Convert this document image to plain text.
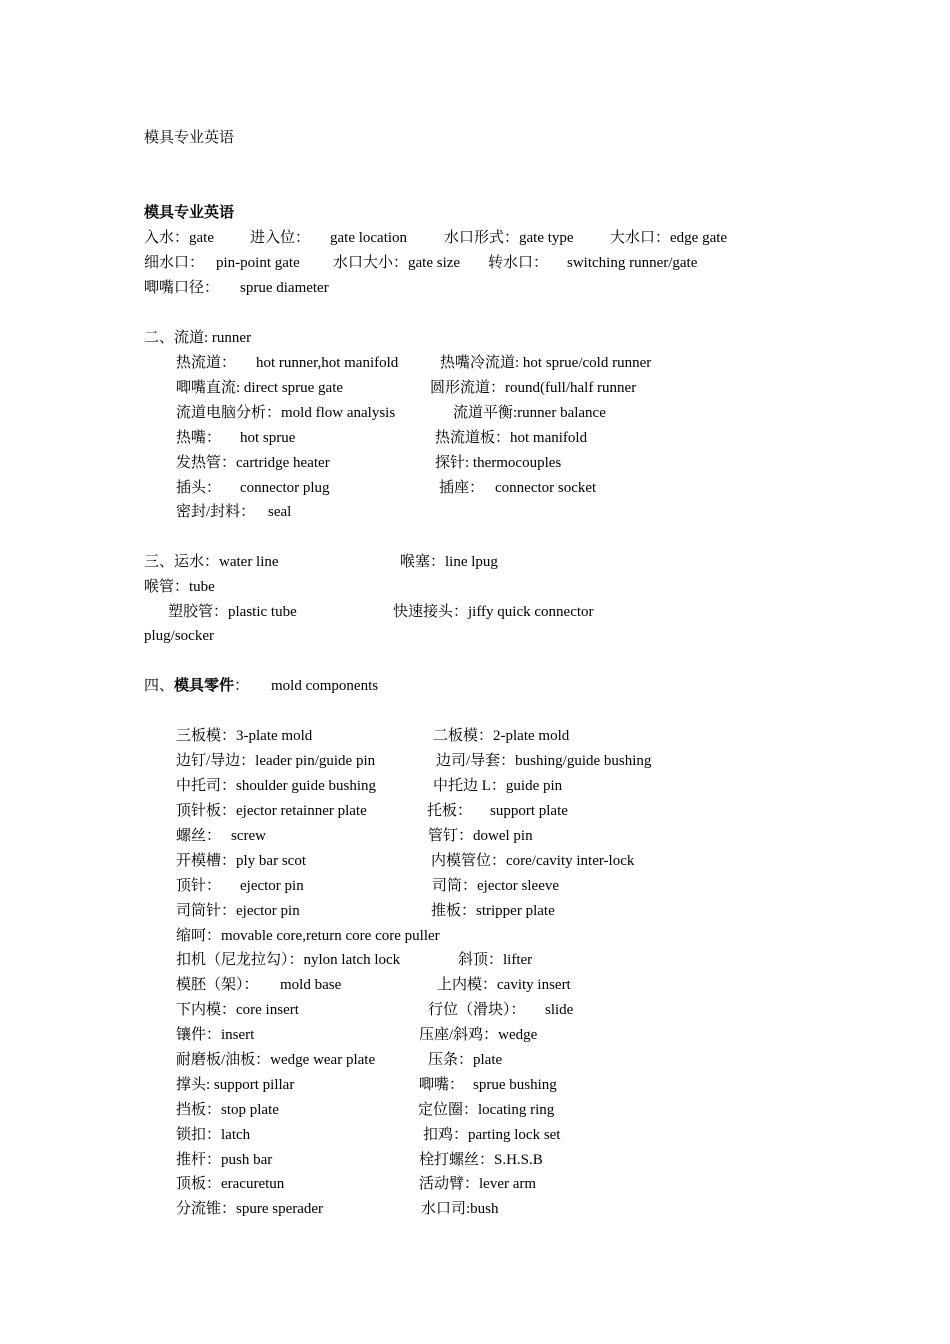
模具专业英语
模具专业英语
入水：gate 进入位： gate location 水口形式：gate type 大水口：edge gate
细水口： pin-point gate 水口大小：gate size 转水口： switching runner/gate
唧嘴口径： sprue diameter
二、流道: runner
热流道： hot runner,hot manifold	热嘴冷流道: hot sprue/cold runner
唧嘴直流: direct sprue gate	圆形流道：round(full/half runner
流道电脑分析：mold flow analysis	流道平衡:runner balance
热嘴： hot sprue	热流道板：hot manifold
发热管：cartridge heater	探针: thermocouples
插头： connector plug	插座： connector socket
密封/封料： seal
三、运水：water line	喉塞：line lpug
喉管：tube
塑胶管：plastic tube	快速接头：jiffy quick connector
plug/socker
四、模具零件： mold components
三板模：3-plate mold	二板模：2-plate mold
边钉/导边：leader pin/guide pin	边司/导套：bushing/guide bushing
中托司：shoulder guide bushing	中托边 L：guide pin
顶针板：ejector retainner plate	托板： support plate
螺丝： screw	管钉：dowel pin
开模槽：ply bar scot	内模管位：core/cavity inter-lock
顶针： ejector pin	司筒：ejector sleeve
司筒针：ejector pin	推板：stripper plate
缩呵：movable core,return core core puller
扣机（尼龙拉勾）：nylon latch lock	斜顶：lifter
模胚（架）： mold base	上内模：cavity insert
下内模：core insert	行位（滑块）： slide
镶件：insert	压座/斜鸡：wedge
耐磨板/油板：wedge wear plate	压条：plate
撑头: support pillar	唧嘴： sprue bushing
挡板：stop plate	定位圈：locating ring
锁扣：latch	扣鸡：parting lock set
推杆：push bar	栓打螺丝：S.H.S.B
顶板：eracuretun	活动臂：lever arm
分流锥：spure sperader	水口司:bush
